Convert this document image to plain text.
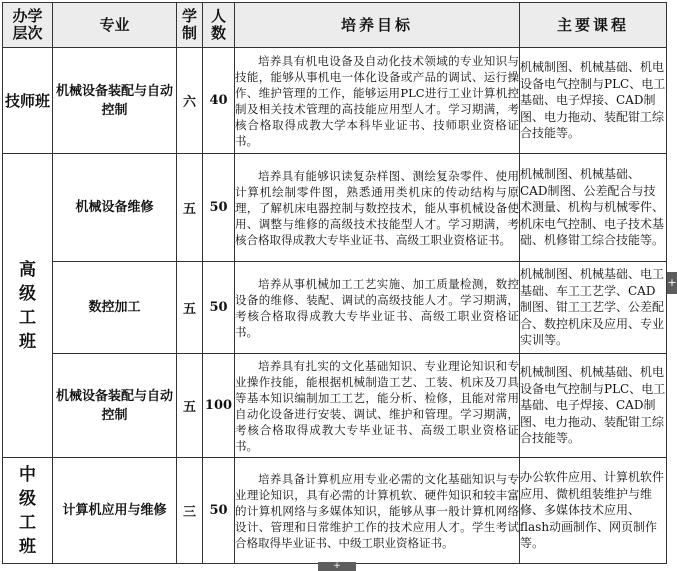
办学层次	专业	学制	人数	培养目标	主要课程
技师班	机械设备装配与自动控制	六	40	培养具有机电设备及自动化技术领域的专业知识与技能，能够从事机电一体化设备或产品的调试、运行操作、维护管理的工作，能够运用PLC进行工业计算机控制及相关技术管理的高技能应用型人才。学习期满，考核合格取得成教大学本科毕业证书、技师职业资格证书。	机械制图、机械基础、机电设备电气控制与PLC、电工基础、电子焊接、CAD制图、电力拖动、装配钳工综合技能等。

高级工班	机械设备维修	五	50	培养具有能够识读复杂样图、测绘复杂零件、使用计算机绘制零件图，熟悉通用类机床的传动结构与原理，了解机床电器控制与数控技术，能从事机械设备使用、调整与维修的高级技术技能型人才。学习期满，考核合格取得成教大专毕业证书、高级工职业资格证书。	机械制图、机械基础、CAD制图、公差配合与技术测量、机构与机械零件、机床电气控制、电子技术基础、机修钳工综合技能等。
	数控加工	五	50	培养从事机械加工工艺实施、加工质量检测，数控设备的维修、装配、调试的高级技能人才。学习期满，考核合格取得成教大专毕业证书、高级工职业资格证书。	机械制图、机械基础、电工基础、车工工艺学、CAD制图、钳工工艺学、公差配合、数控机床及应用、专业实训等。
	机械设备装配与自动控制	五	100	培养具有扎实的文化基础知识、专业理论知识和专业操作技能，能根据机械制造工艺、工装、机床及刀具等基本知识编制加工工艺，能分析、检修，且能对常用自动化设备进行安装、调试、维护和管理。学习期满，考核合格取得成教大专毕业证书、高级工职业资格证书。	机械制图、机械基础、机电设备电气控制与PLC、电工基础、电子焊接、CAD制图、电力拖动、装配钳工综合技能等。

中级工班	计算机应用与维修	三	50	培养具备计算机应用专业必需的文化基础知识与专业理论知识，具有必需的计算机软、硬件知识和较丰富的计算机网络与多媒体知识，能够从事一般计算机网络设计、管理和日常维护工作的技术应用人才。学生考试合格取得毕业证书、中级工职业资格证书。	办公软件应用、计算机软件应用、微机组装维护与维修、多媒体技术应用、flash动画制作、网页制作等。
+
+
